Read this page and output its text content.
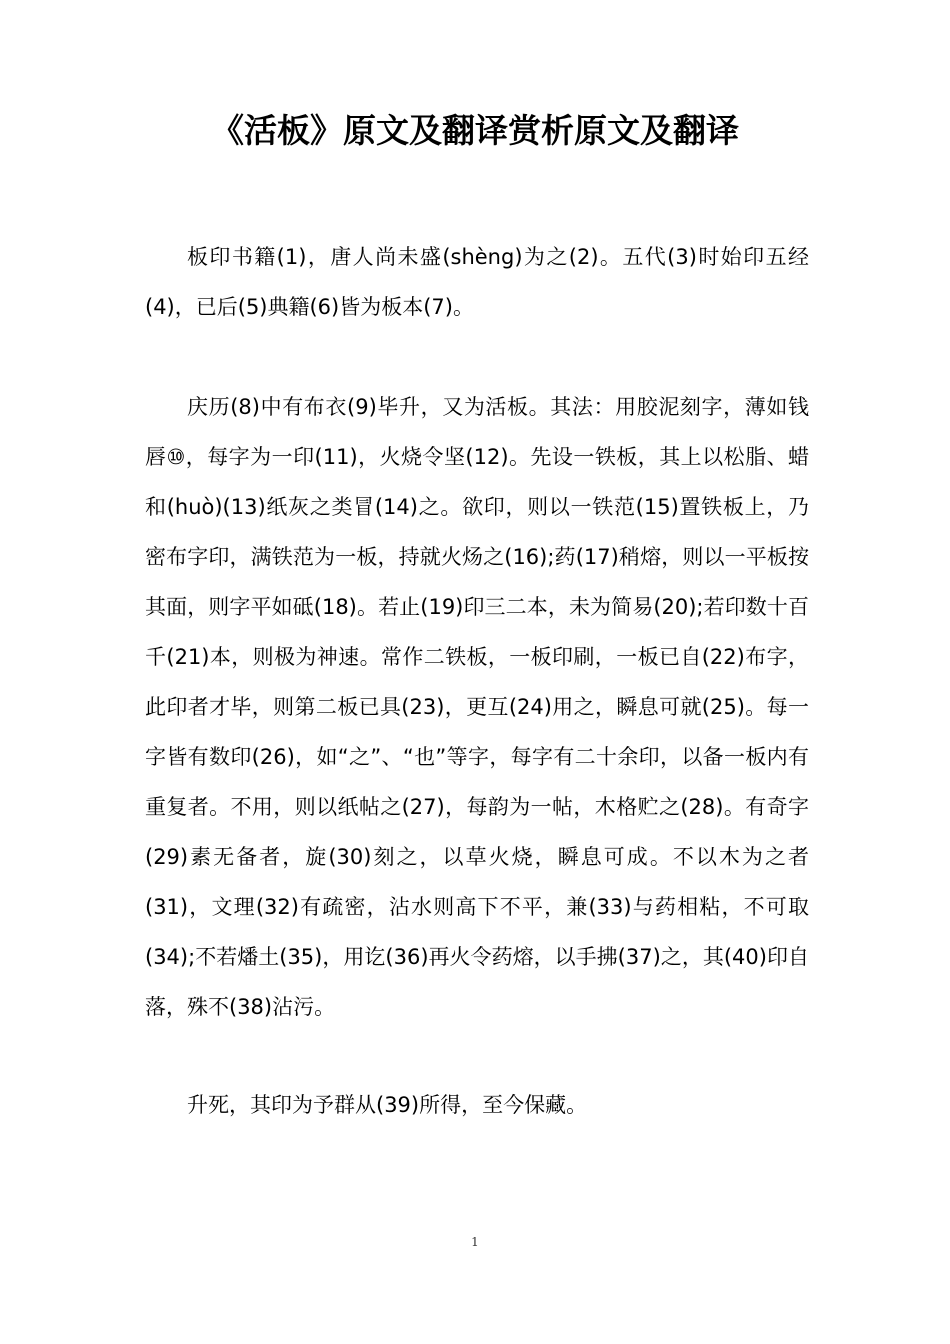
《活板》原文及翻译赏析原文及翻译

板印书籍(1)，唐人尚未盛(shèng)为之(2)。五代(3)时始印五经(4)，已后(5)典籍(6)皆为板本(7)。

庆历(8)中有布衣(9)毕升，又为活板。其法：用胶泥刻字，薄如钱唇⑩，每字为一印(11)，火烧令坚(12)。先设一铁板，其上以松脂、蜡和(huò)(13)纸灰之类冒(14)之。欲印，则以一铁范(15)置铁板上，乃密布字印，满铁范为一板，持就火炀之(16);药(17)稍熔，则以一平板按其面，则字平如砥(18)。若止(19)印三二本，未为简易(20);若印数十百千(21)本，则极为神速。常作二铁板，一板印刷，一板已自(22)布字，此印者才毕，则第二板已具(23)，更互(24)用之，瞬息可就(25)。每一字皆有数印(26)，如“之”、“也”等字，每字有二十余印，以备一板内有重复者。不用，则以纸帖之(27)，每韵为一帖，木格贮之(28)。有奇字(29)素无备者，旋(30)刻之，以草火烧，瞬息可成。不以木为之者(31)，文理(32)有疏密，沾水则高下不平，兼(33)与药相粘，不可取(34);不若燔土(35)，用讫(36)再火令药熔，以手拂(37)之，其(40)印自落，殊不(38)沾污。

升死，其印为予群从(39)所得，至今保藏。

1
